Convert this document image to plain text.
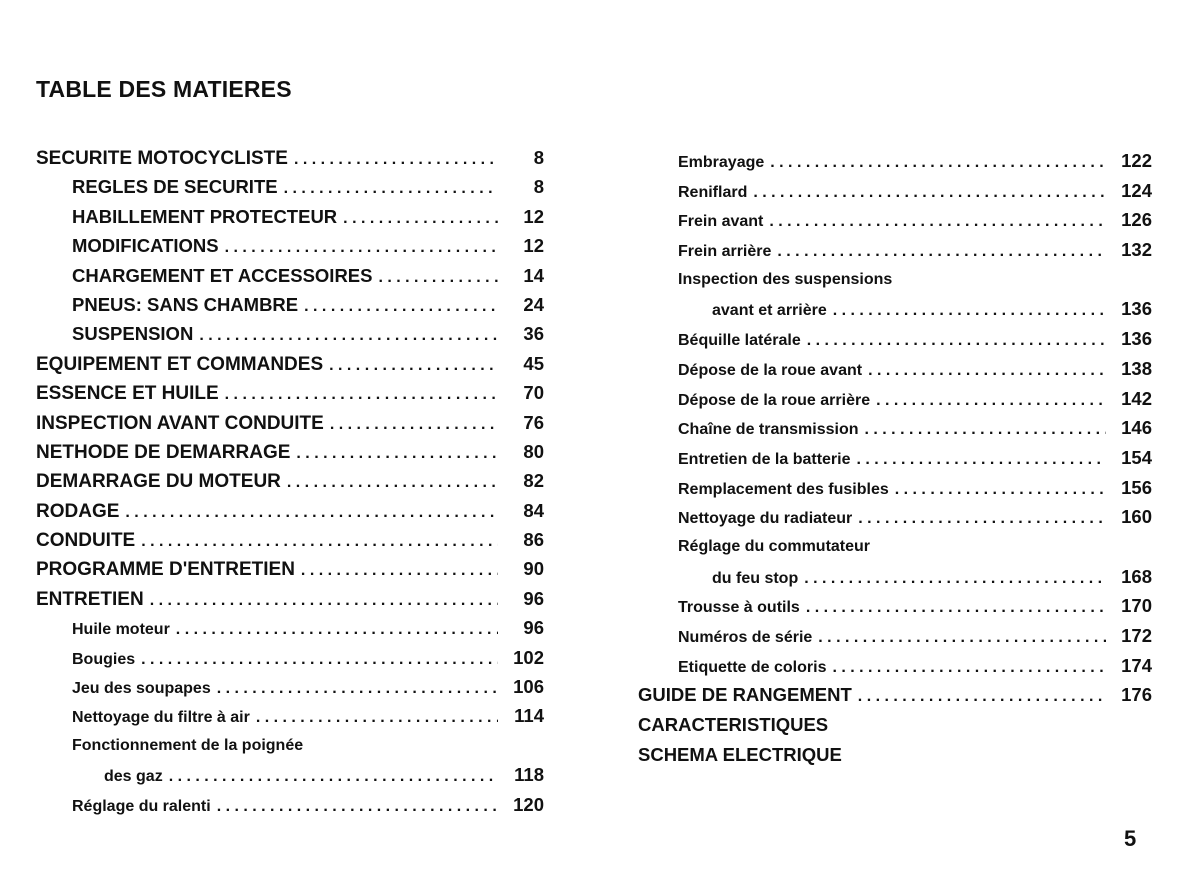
TABLE DES MATIERES
SECURITE MOTOCYCLISTE . . .	8
REGLES DE SECURITE . . .	8
HABILLEMENT PROTECTEUR . . .	12
MODIFICATIONS . . .	12
CHARGEMENT ET ACCESSOIRES . . .	14
PNEUS: SANS CHAMBRE . . .	24
SUSPENSION . . .	36
EQUIPEMENT ET COMMANDES . . .	45
ESSENCE ET HUILE . . .	70
INSPECTION AVANT CONDUITE . . .	76
NETHODE DE DEMARRAGE . . .	80
DEMARRAGE DU MOTEUR . . .	82
RODAGE . . .	84
CONDUITE . . .	86
PROGRAMME D'ENTRETIEN . . .	90
ENTRETIEN . . .	96
Huile moteur . . .	96
Bougies . . .	102
Jeu des soupapes . . .	106
Nettoyage du filtre à air . . .	114
Fonctionnement de la poignée
des gaz . . .	118
Réglage du ralenti . . .	120
Embrayage . . .	122
Reniflard . . .	124
Frein avant . . .	126
Frein arrière . . .	132
Inspection des suspensions
avant et arrière . . .	136
Béquille latérale . . .	136
Dépose de la roue avant . . .	138
Dépose de la roue arrière . . .	142
Chaîne de transmission . . .	146
Entretien de la batterie . . .	154
Remplacement des fusibles . . .	156
Nettoyage du radiateur . . .	160
Réglage du commutateur
du feu stop . . .	168
Trousse à outils . . .	170
Numéros de série . . .	172
Etiquette de coloris . . .	174
GUIDE DE RANGEMENT . . .	176
CARACTERISTIQUES
SCHEMA ELECTRIQUE
5
